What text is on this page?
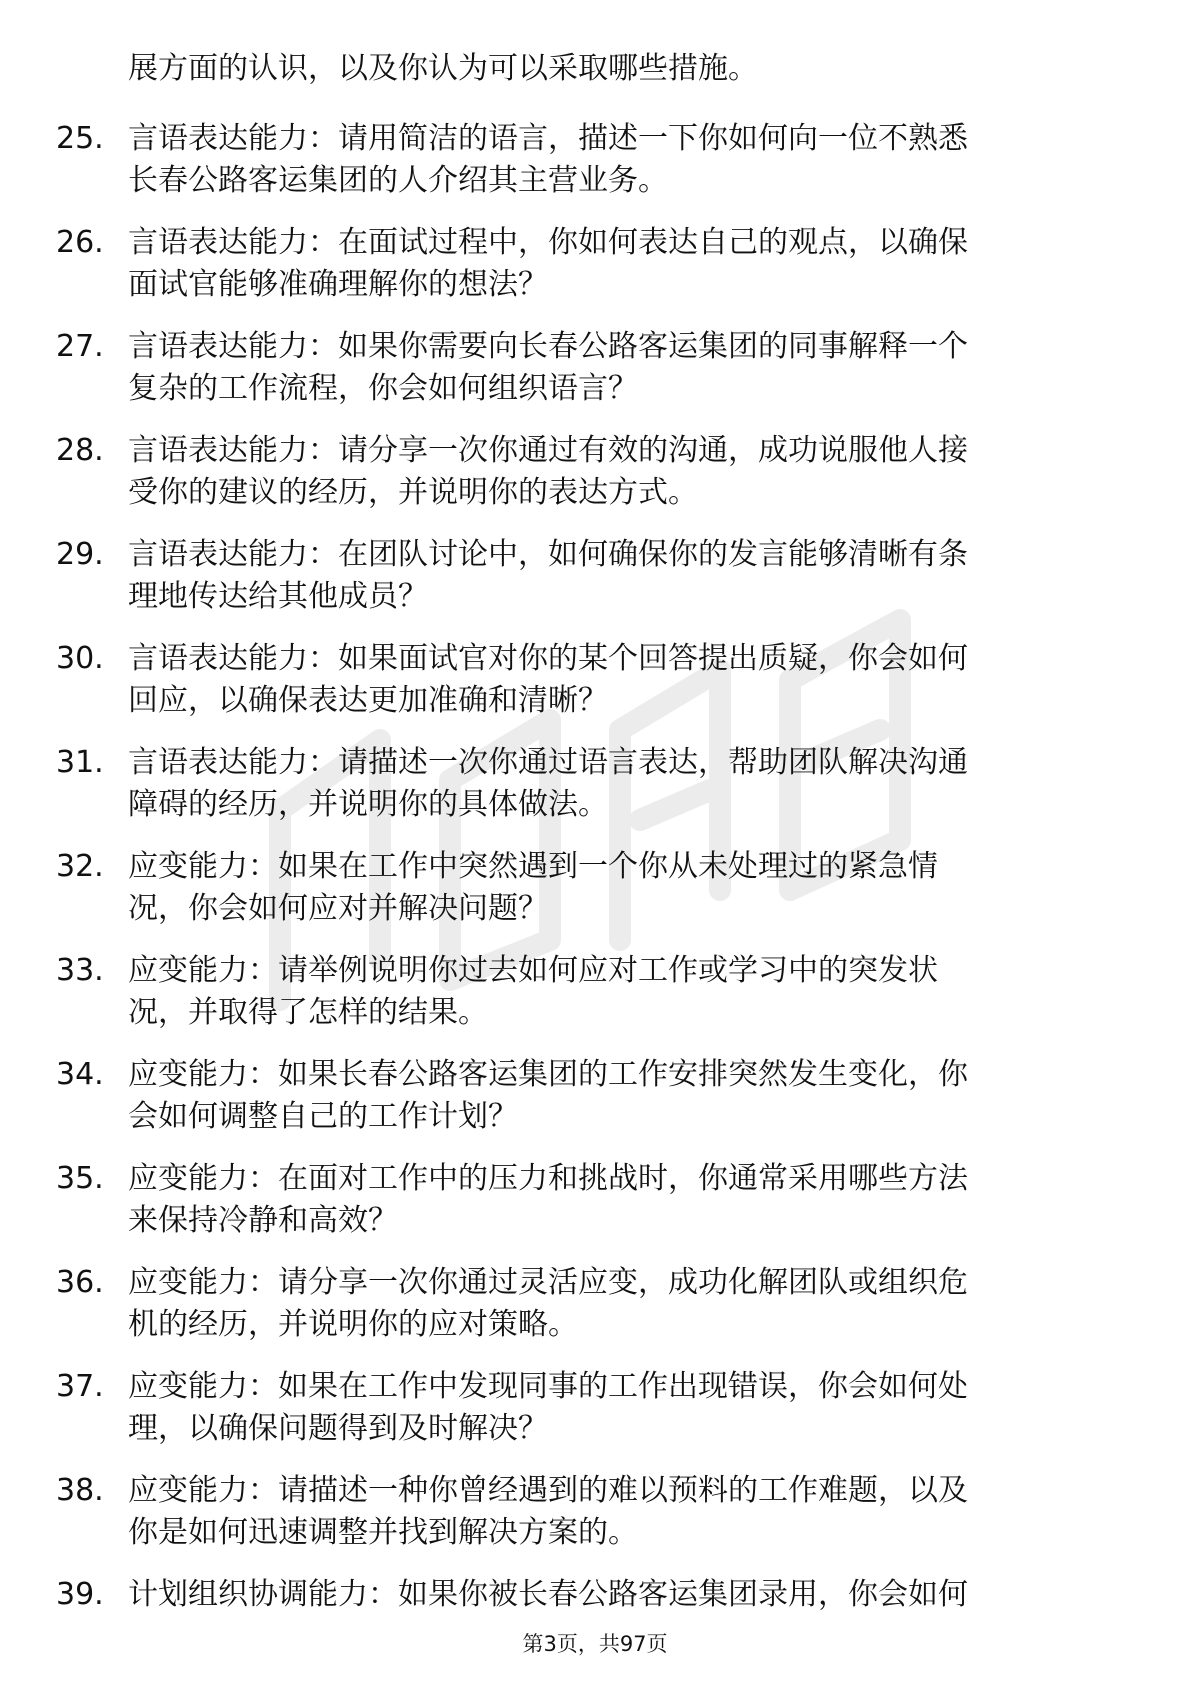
展方面的认识，以及你认为可以采取哪些措施。
25. 言语表达能力：请用简洁的语言，描述一下你如何向一位不熟悉
长春公路客运集团的人介绍其主营业务。
26. 言语表达能力：在面试过程中，你如何表达自己的观点，以确保
面试官能够准确理解你的想法？
27. 言语表达能力：如果你需要向长春公路客运集团的同事解释一个
复杂的工作流程，你会如何组织语言？
28. 言语表达能力：请分享一次你通过有效的沟通，成功说服他人接
受你的建议的经历，并说明你的表达方式。
29. 言语表达能力：在团队讨论中，如何确保你的发言能够清晰有条
理地传达给其他成员？
30. 言语表达能力：如果面试官对你的某个回答提出质疑，你会如何
回应，以确保表达更加准确和清晰？
31. 言语表达能力：请描述一次你通过语言表达，帮助团队解决沟通
障碍的经历，并说明你的具体做法。
32. 应变能力：如果在工作中突然遇到一个你从未处理过的紧急情
况，你会如何应对并解决问题？
33. 应变能力：请举例说明你过去如何应对工作或学习中的突发状
况，并取得了怎样的结果。
34. 应变能力：如果长春公路客运集团的工作安排突然发生变化，你
会如何调整自己的工作计划？
35. 应变能力：在面对工作中的压力和挑战时，你通常采用哪些方法
来保持冷静和高效？
36. 应变能力：请分享一次你通过灵活应变，成功化解团队或组织危
机的经历，并说明你的应对策略。
37. 应变能力：如果在工作中发现同事的工作出现错误，你会如何处
理，以确保问题得到及时解决？
38. 应变能力：请描述一种你曾经遇到的难以预料的工作难题，以及
你是如何迅速调整并找到解决方案的。
39. 计划组织协调能力：如果你被长春公路客运集团录用，你会如何
第3页，共97页
